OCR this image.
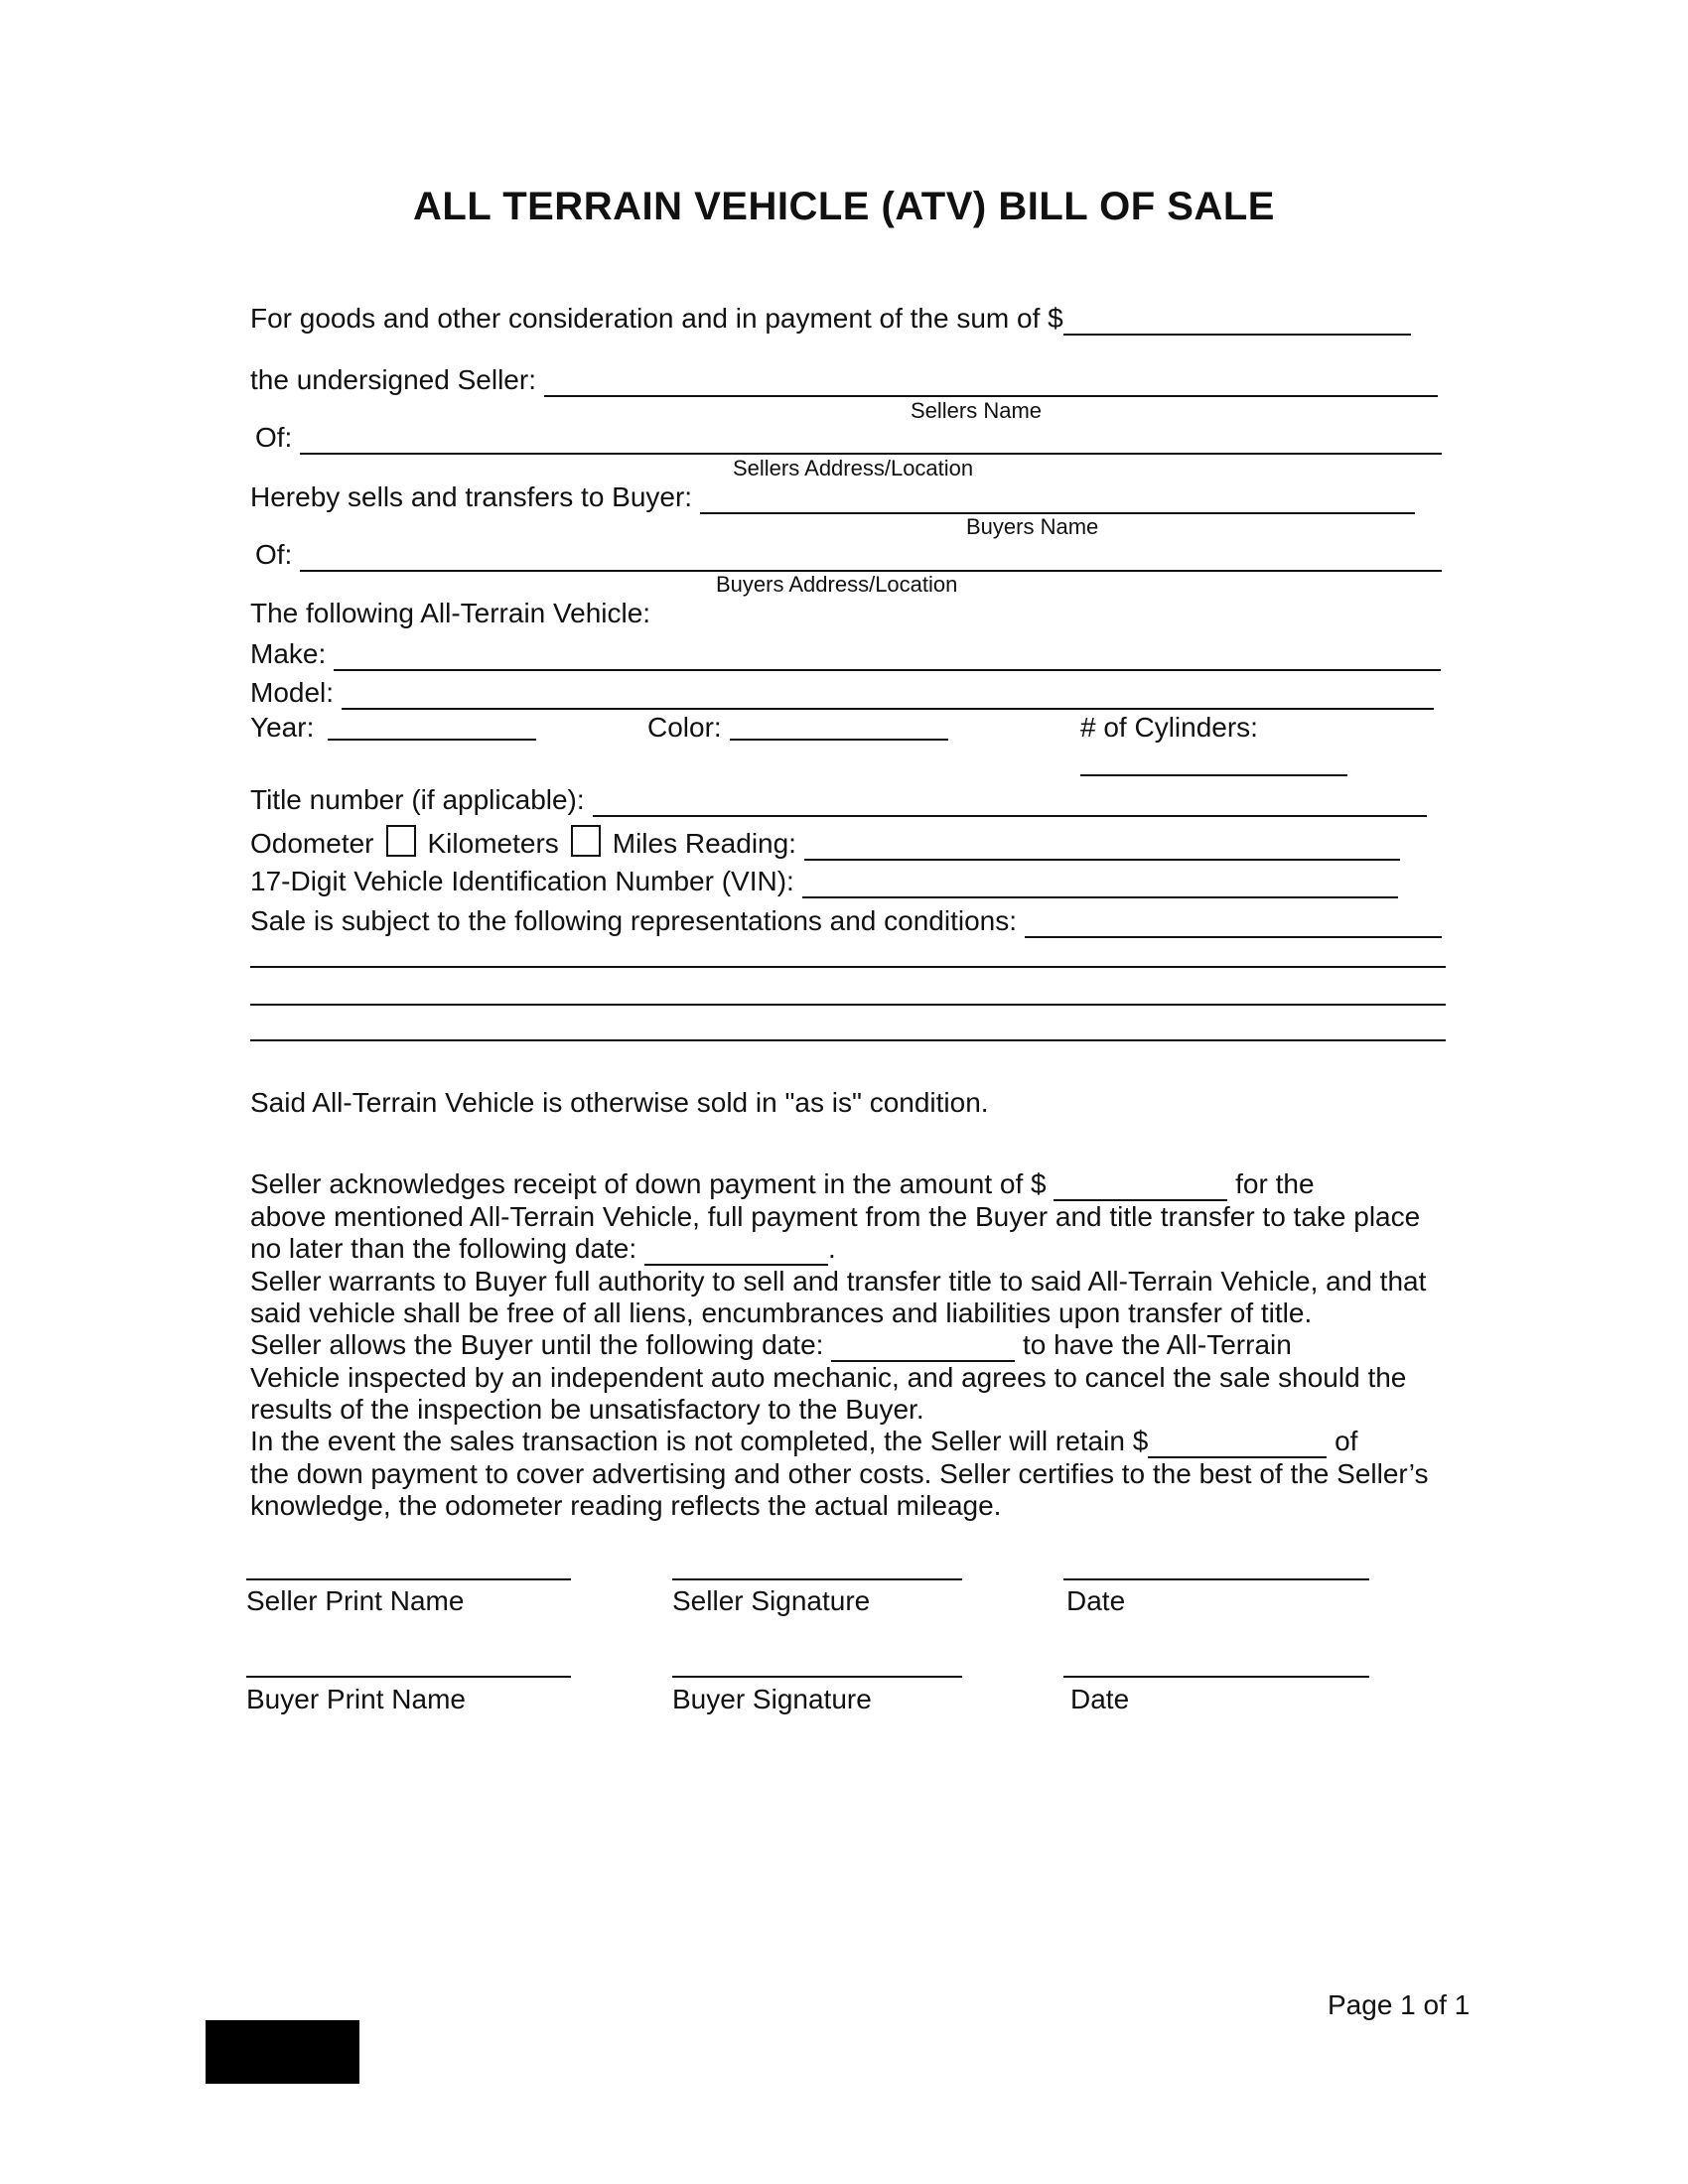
ALL TERRAIN VEHICLE (ATV) BILL OF SALE
For goods and other consideration and in payment of the sum of $
the undersigned Seller:
Sellers Name
Of:
Sellers Address/Location
Hereby sells and transfers to Buyer:
Buyers Name
Of:
Buyers Address/Location
The following All-Terrain Vehicle:
Make:
Model:
Year:	Color:	# of Cylinders:
Title number (if applicable):
Odometer Kilometers Miles Reading:
17-Digit Vehicle Identification Number (VIN):
Sale is subject to the following representations and conditions:
Said All-Terrain Vehicle is otherwise sold in "as is" condition.
Seller acknowledges receipt of down payment in the amount of $	for the
above mentioned All-Terrain Vehicle, full payment from the Buyer and title transfer to take place
no later than the following date:	.
Seller warrants to Buyer full authority to sell and transfer title to said All-Terrain Vehicle, and that
said vehicle shall be free of all liens, encumbrances and liabilities upon transfer of title.
Seller allows the Buyer until the following date:	to have the All-Terrain
Vehicle inspected by an independent auto mechanic, and agrees to cancel the sale should the
results of the inspection be unsatisfactory to the Buyer.
In the event the sales transaction is not completed, the Seller will retain $	of
the down payment to cover advertising and other costs. Seller certifies to the best of the Seller’s
knowledge, the odometer reading reflects the actual mileage.
Seller Print Name	Seller Signature	Date
Buyer Print Name	Buyer Signature	Date
Page 1 of 1
